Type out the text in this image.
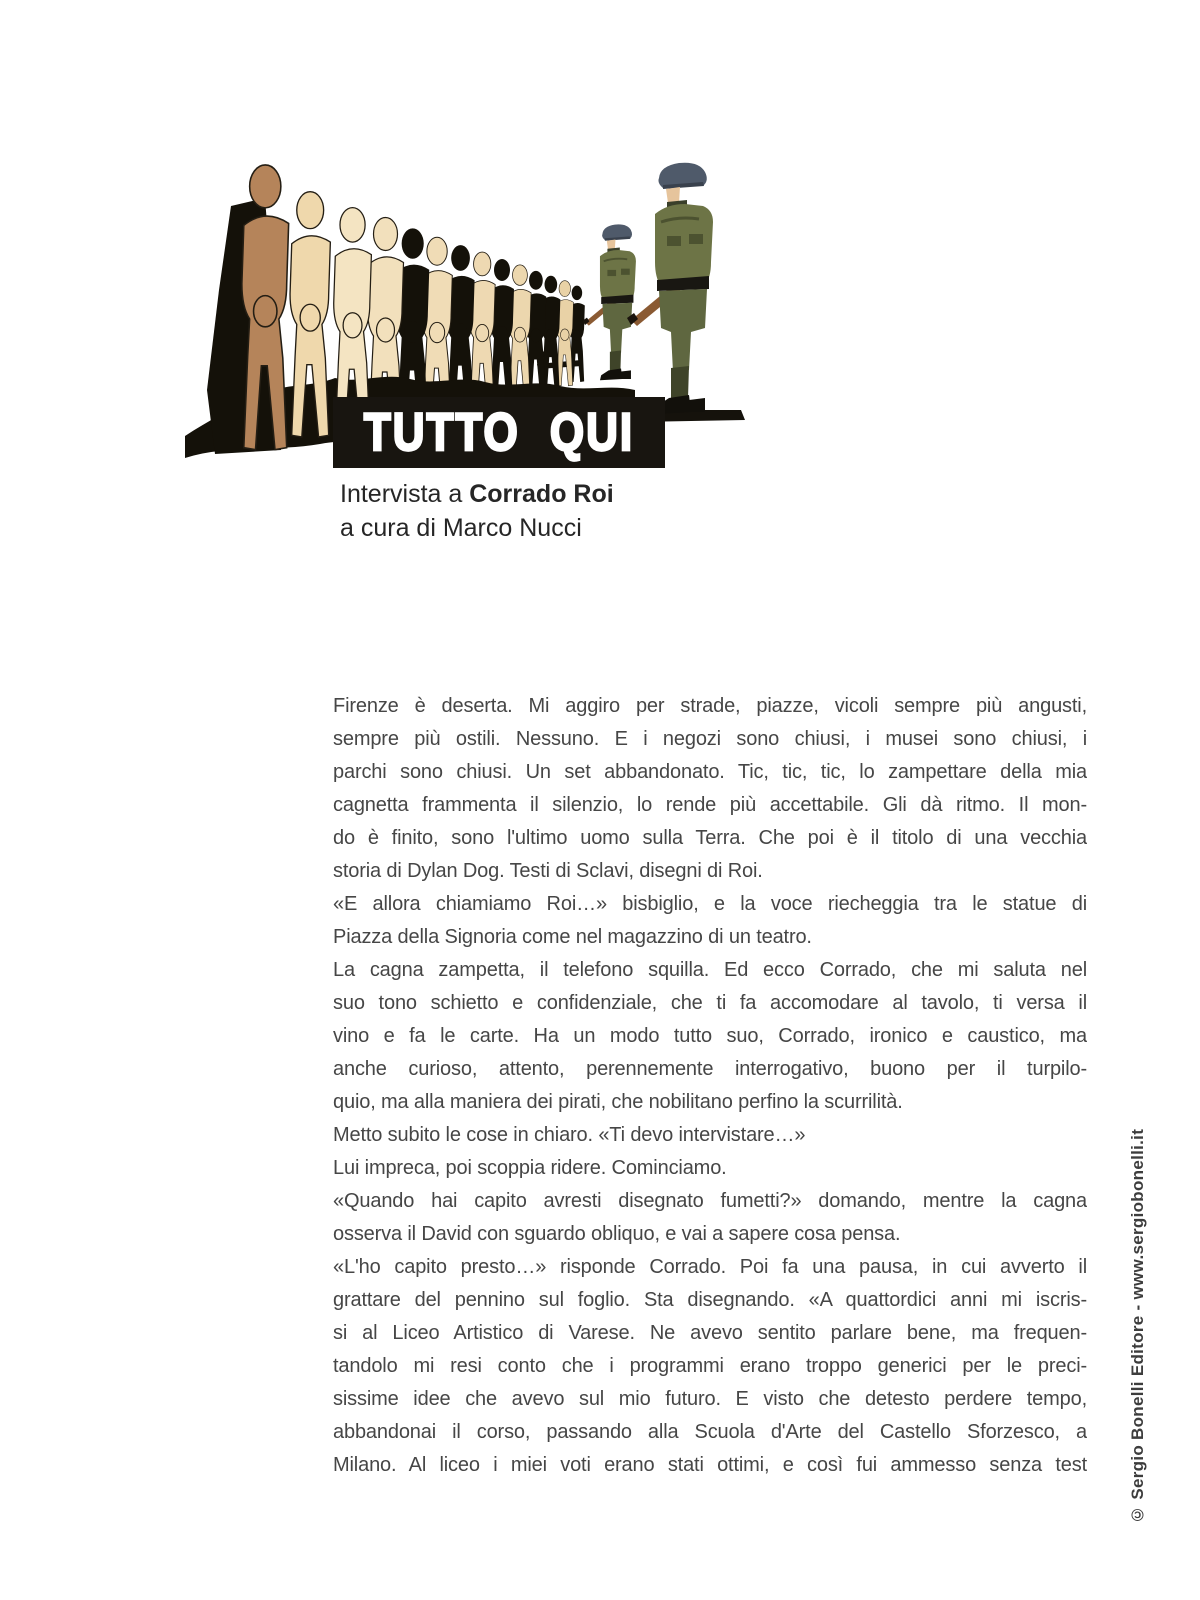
TUTTO QUI
Intervista a Corrado Roi
a cura di Marco Nucci
Firenze è deserta. Mi aggiro per strade, piazze, vicoli sempre più angusti,
sempre più ostili. Nessuno. E i negozi sono chiusi, i musei sono chiusi, i
parchi sono chiusi. Un set abbandonato. Tic, tic, tic, lo zampettare della mia
cagnetta frammenta il silenzio, lo rende più accettabile. Gli dà ritmo. Il mon-
do è finito, sono l'ultimo uomo sulla Terra. Che poi è il titolo di una vecchia
storia di Dylan Dog. Testi di Sclavi, disegni di Roi.
«E allora chiamiamo Roi…» bisbiglio, e la voce riecheggia tra le statue di
Piazza della Signoria come nel magazzino di un teatro.
La cagna zampetta, il telefono squilla. Ed ecco Corrado, che mi saluta nel
suo tono schietto e confidenziale, che ti fa accomodare al tavolo, ti versa il
vino e fa le carte. Ha un modo tutto suo, Corrado, ironico e caustico, ma
anche curioso, attento, perennemente interrogativo, buono per il turpilo-
quio, ma alla maniera dei pirati, che nobilitano perfino la scurrilità.
Metto subito le cose in chiaro. «Ti devo intervistare…»
Lui impreca, poi scoppia ridere. Cominciamo.
«Quando hai capito avresti disegnato fumetti?» domando, mentre la cagna
osserva il David con sguardo obliquo, e vai a sapere cosa pensa.
«L'ho capito presto…» risponde Corrado. Poi fa una pausa, in cui avverto il
grattare del pennino sul foglio. Sta disegnando. «A quattordici anni mi iscris-
si al Liceo Artistico di Varese. Ne avevo sentito parlare bene, ma frequen-
tandolo mi resi conto che i programmi erano troppo generici per le preci-
sissime idee che avevo sul mio futuro. E visto che detesto perdere tempo,
abbandonai il corso, passando alla Scuola d'Arte del Castello Sforzesco, a
Milano. Al liceo i miei voti erano stati ottimi, e così fui ammesso senza test © Sergio Bonelli Editore - www.sergiobonelli.it
